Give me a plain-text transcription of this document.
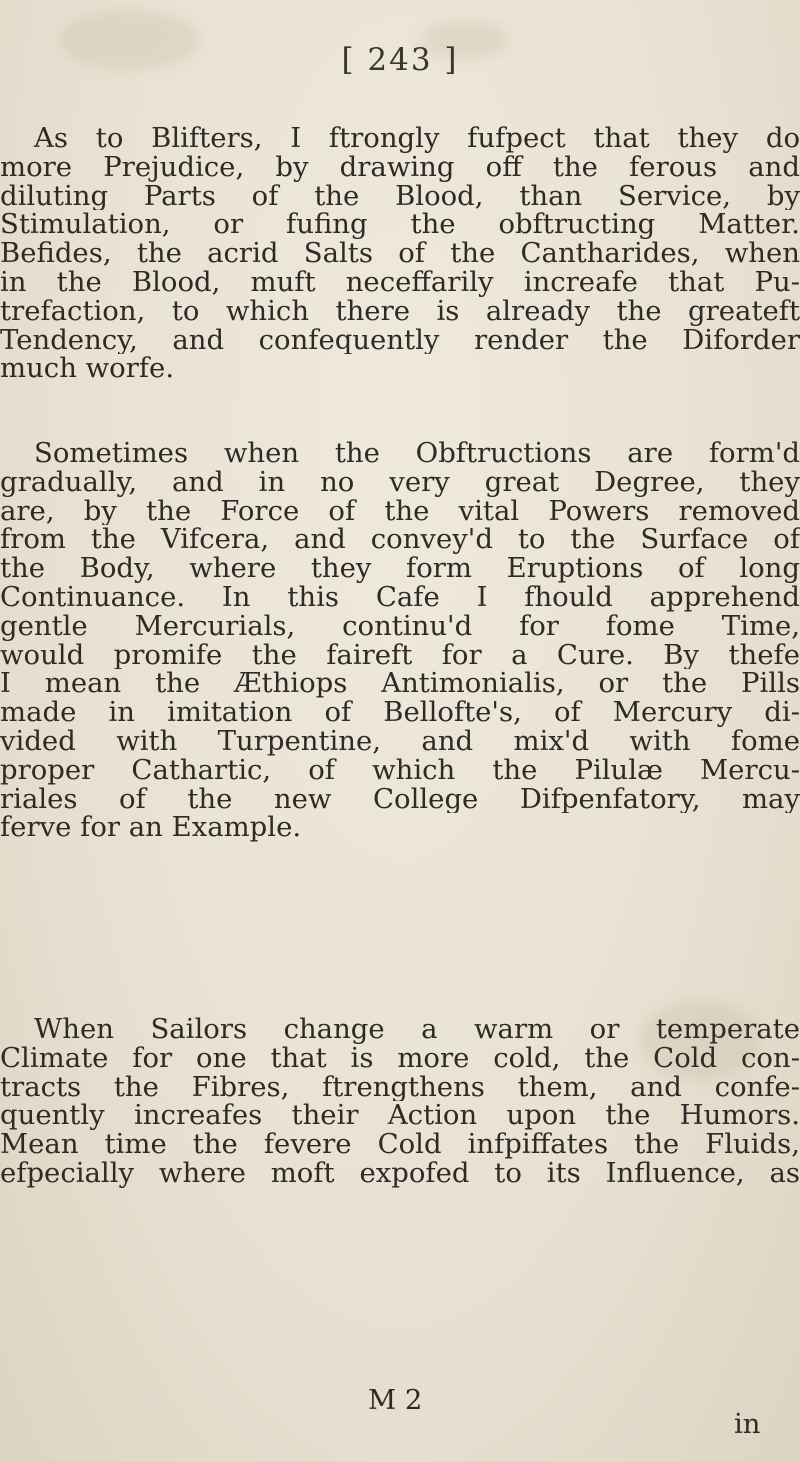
[ 243 ]
As to Blifters, I ftrongly fufpect that they do
more Prejudice, by drawing off the ferous and
diluting Parts of the Blood, than Service, by
Stimulation, or fufing the obftructing Matter.
Befides, the acrid Salts of the Cantharides, when
in the Blood, muft neceffarily increafe that Pu-
trefaction, to which there is already the greateft
Tendency, and confequently render the Diforder
much worfe.
Sometimes when the Obftructions are form'd
gradually, and in no very great Degree, they
are, by the Force of the vital Powers removed
from the Vifcera, and convey'd to the Surface of
the Body, where they form Eruptions of long
Continuance. In this Cafe I fhould apprehend
gentle Mercurials, continu'd for fome Time,
would promife the faireft for a Cure. By thefe
I mean the Æthiops Antimonialis, or the Pills
made in imitation of Bellofte's, of Mercury di-
vided with Turpentine, and mix'd with fome
proper Cathartic, of which the Pilulæ Mercu-
riales of the new College Difpenfatory, may
ferve for an Example.
When Sailors change a warm or temperate
Climate for one that is more cold, the Cold con-
tracts the Fibres, ftrengthens them, and confe-
quently increafes their Action upon the Humors.
Mean time the fevere Cold infpiffates the Fluids,
efpecially where moft expofed to its Influence, as
M 2
in
